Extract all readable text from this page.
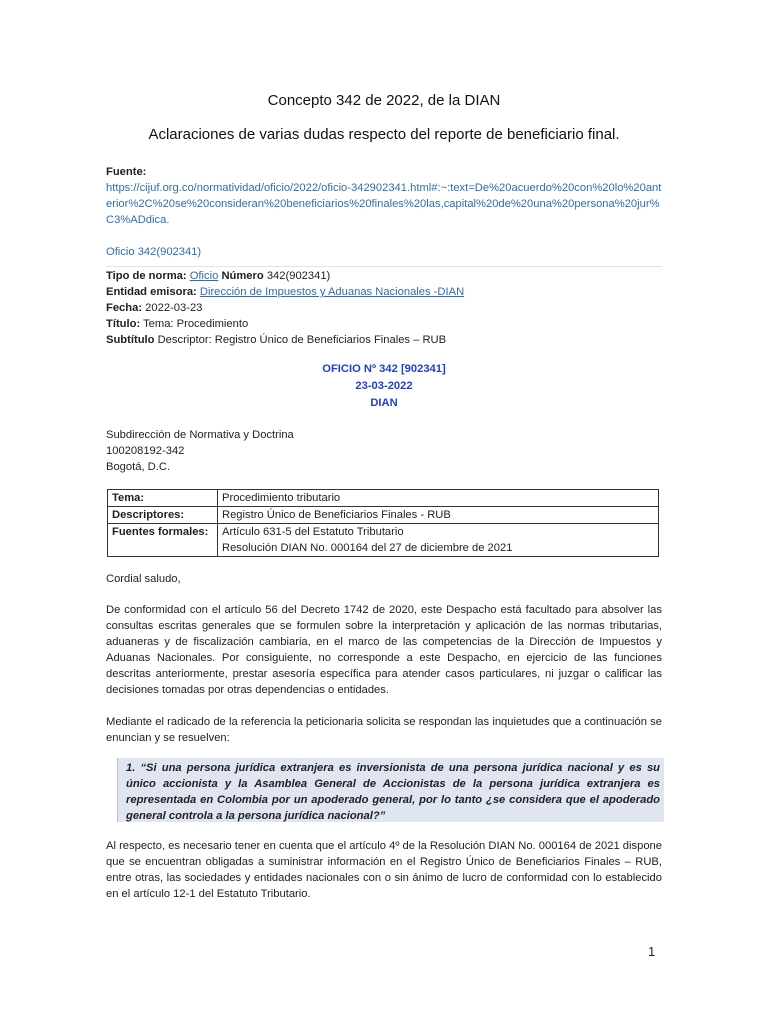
Concepto 342 de 2022, de la DIAN
Aclaraciones de varias dudas respecto del reporte de beneficiario final.
Fuente:
https://cijuf.org.co/normatividad/oficio/2022/oficio-342902341.html#:~:text=De%20acuerdo%20con%20lo%20anterior%2C%20se%20consideran%20beneficiarios%20finales%20las,capital%20de%20una%20persona%20jur%C3%ADdica.
Oficio 342(902341)
Tipo de norma: Oficio Número 342(902341)
Entidad emisora: Dirección de Impuestos y Aduanas Nacionales -DIAN
Fecha: 2022-03-23
Título: Tema: Procedimiento
Subtítulo Descriptor: Registro Único de Beneficiarios Finales – RUB
OFICIO Nº 342 [902341]
23-03-2022
DIAN
Subdirección de Normativa y Doctrina
100208192-342
Bogotá, D.C.
Tema:	Procedimiento tributario
Descriptores:	Registro Único de Beneficiarios Finales - RUB
Fuentes formales:	Artículo 631-5 del Estatuto Tributario
Resolución DIAN No. 000164 del 27 de diciembre de 2021
Cordial saludo,
De conformidad con el artículo 56 del Decreto 1742 de 2020, este Despacho está facultado para absolver las consultas escritas generales que se formulen sobre la interpretación y aplicación de las normas tributarias, aduaneras y de fiscalización cambiaria, en el marco de las competencias de la Dirección de Impuestos y Aduanas Nacionales. Por consiguiente, no corresponde a este Despacho, en ejercicio de las funciones descritas anteriormente, prestar asesoría específica para atender casos particulares, ni juzgar o calificar las decisiones tomadas por otras dependencias o entidades.
Mediante el radicado de la referencia la peticionaria solicita se respondan las inquietudes que a continuación se enuncian y se resuelven:
1. “Si una persona jurídica extranjera es inversionista de una persona jurídica nacional y es su único accionista y la Asamblea General de Accionistas de la persona jurídica extranjera es representada en Colombia por un apoderado general, por lo tanto ¿se considera que el apoderado general controla a la persona jurídica nacional?”
Al respecto, es necesario tener en cuenta que el artículo 4º de la Resolución DIAN No. 000164 de 2021 dispone que se encuentran obligadas a suministrar información en el Registro Único de Beneficiarios Finales – RUB, entre otras, las sociedades y entidades nacionales con o sin ánimo de lucro de conformidad con lo establecido en el artículo 12-1 del Estatuto Tributario.
1
